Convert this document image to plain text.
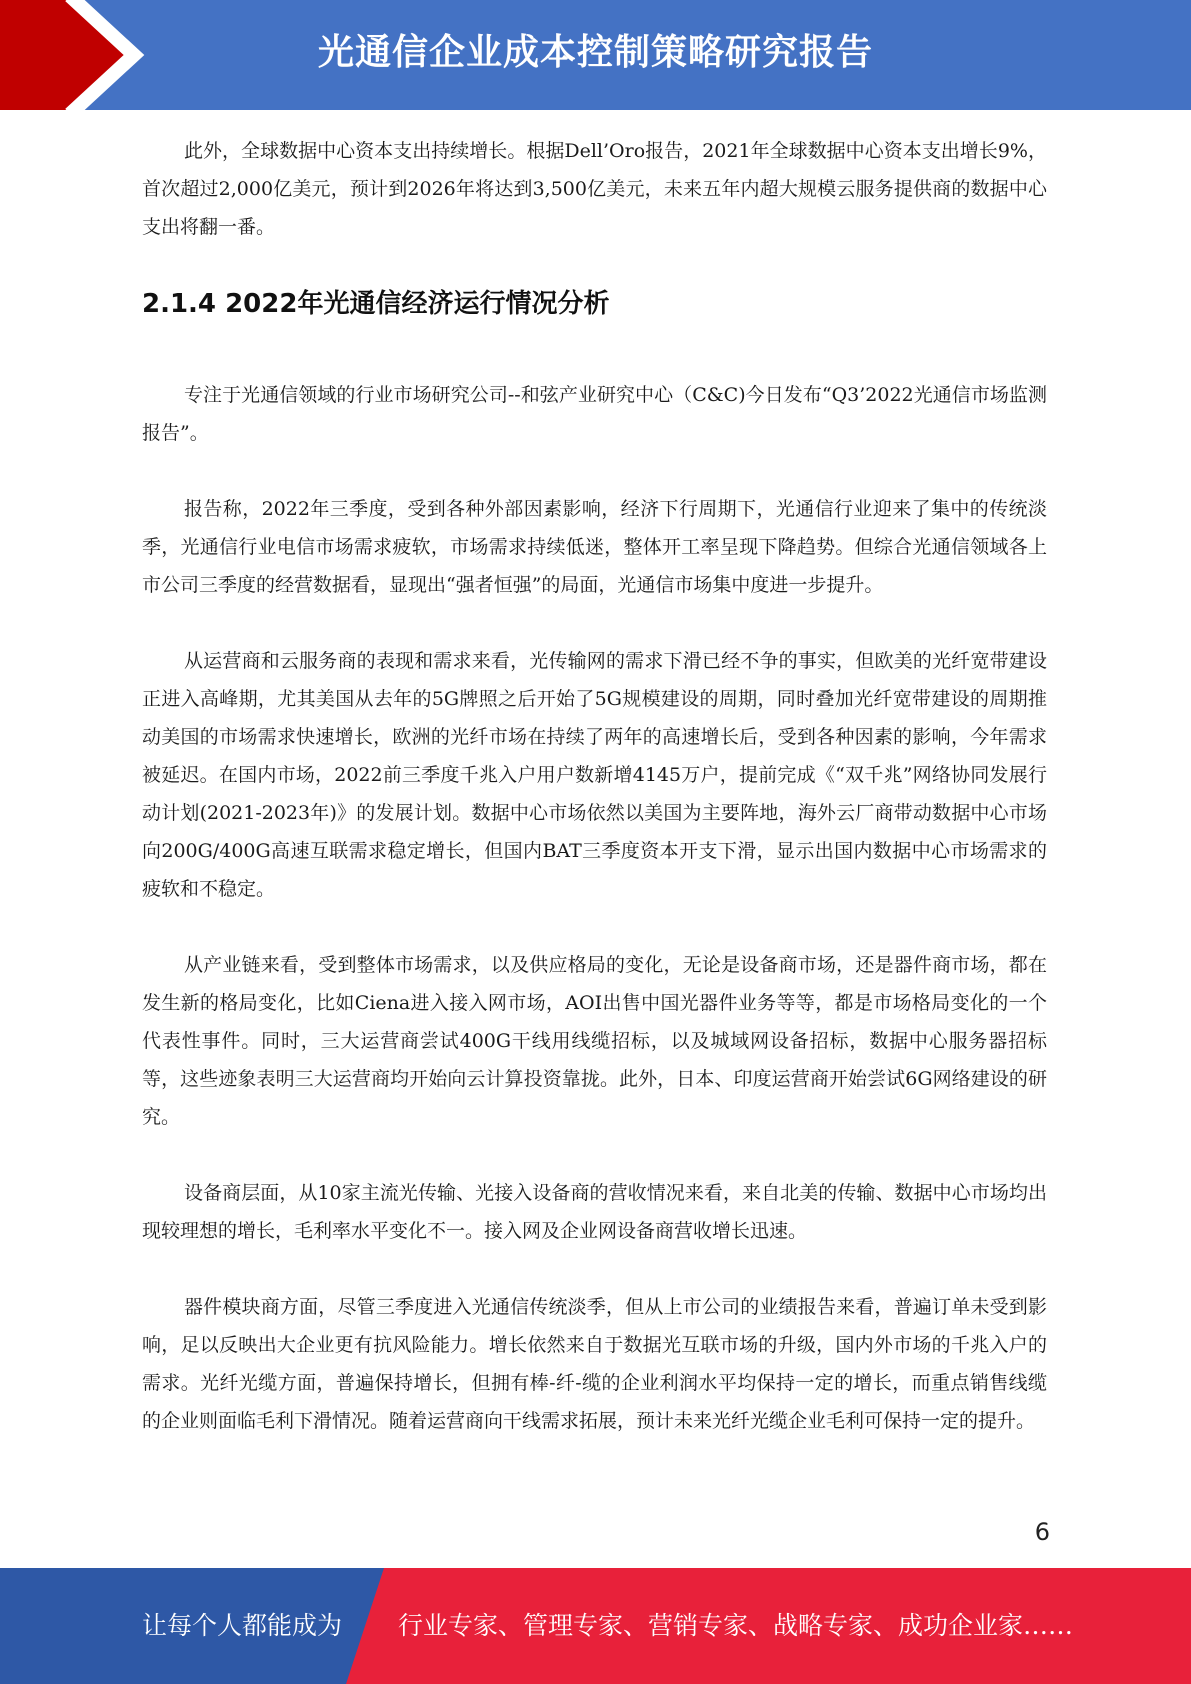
光通信企业成本控制策略研究报告

此外，全球数据中心资本支出持续增长。根据Dell’Oro报告，2021年全球数据中心资本支出增长9%，首次超过2,000亿美元，预计到2026年将达到3,500亿美元，未来五年内超大规模云服务提供商的数据中心支出将翻一番。

2.1.4 2022年光通信经济运行情况分析

专注于光通信领域的行业市场研究公司--和弦产业研究中心（C&C)今日发布“Q3’2022光通信市场监测报告”。

报告称，2022年三季度，受到各种外部因素影响，经济下行周期下，光通信行业迎来了集中的传统淡季，光通信行业电信市场需求疲软，市场需求持续低迷，整体开工率呈现下降趋势。但综合光通信领域各上市公司三季度的经营数据看，显现出“强者恒强”的局面，光通信市场集中度进一步提升。

从运营商和云服务商的表现和需求来看，光传输网的需求下滑已经不争的事实，但欧美的光纤宽带建设正进入高峰期，尤其美国从去年的5G牌照之后开始了5G规模建设的周期，同时叠加光纤宽带建设的周期推动美国的市场需求快速增长，欧洲的光纤市场在持续了两年的高速增长后，受到各种因素的影响，今年需求被延迟。在国内市场，2022前三季度千兆入户用户数新增4145万户，提前完成《“双千兆”网络协同发展行动计划(2021-2023年)》的发展计划。数据中心市场依然以美国为主要阵地，海外云厂商带动数据中心市场向200G/400G高速互联需求稳定增长，但国内BAT三季度资本开支下滑，显示出国内数据中心市场需求的疲软和不稳定。

从产业链来看，受到整体市场需求，以及供应格局的变化，无论是设备商市场，还是器件商市场，都在发生新的格局变化，比如Ciena进入接入网市场，AOI出售中国光器件业务等等，都是市场格局变化的一个代表性事件。同时，三大运营商尝试400G干线用线缆招标，以及城域网设备招标，数据中心服务器招标等，这些迹象表明三大运营商均开始向云计算投资靠拢。此外，日本、印度运营商开始尝试6G网络建设的研究。

设备商层面，从10家主流光传输、光接入设备商的营收情况来看，来自北美的传输、数据中心市场均出现较理想的增长，毛利率水平变化不一。接入网及企业网设备商营收增长迅速。

器件模块商方面，尽管三季度进入光通信传统淡季，但从上市公司的业绩报告来看，普遍订单未受到影响，足以反映出大企业更有抗风险能力。增长依然来自于数据光互联市场的升级，国内外市场的千兆入户的需求。光纤光缆方面，普遍保持增长，但拥有棒-纤-缆的企业利润水平均保持一定的增长，而重点销售线缆的企业则面临毛利下滑情况。随着运营商向干线需求拓展，预计未来光纤光缆企业毛利可保持一定的提升。

6
让每个人都能成为 行业专家、管理专家、营销专家、战略专家、成功企业家……
